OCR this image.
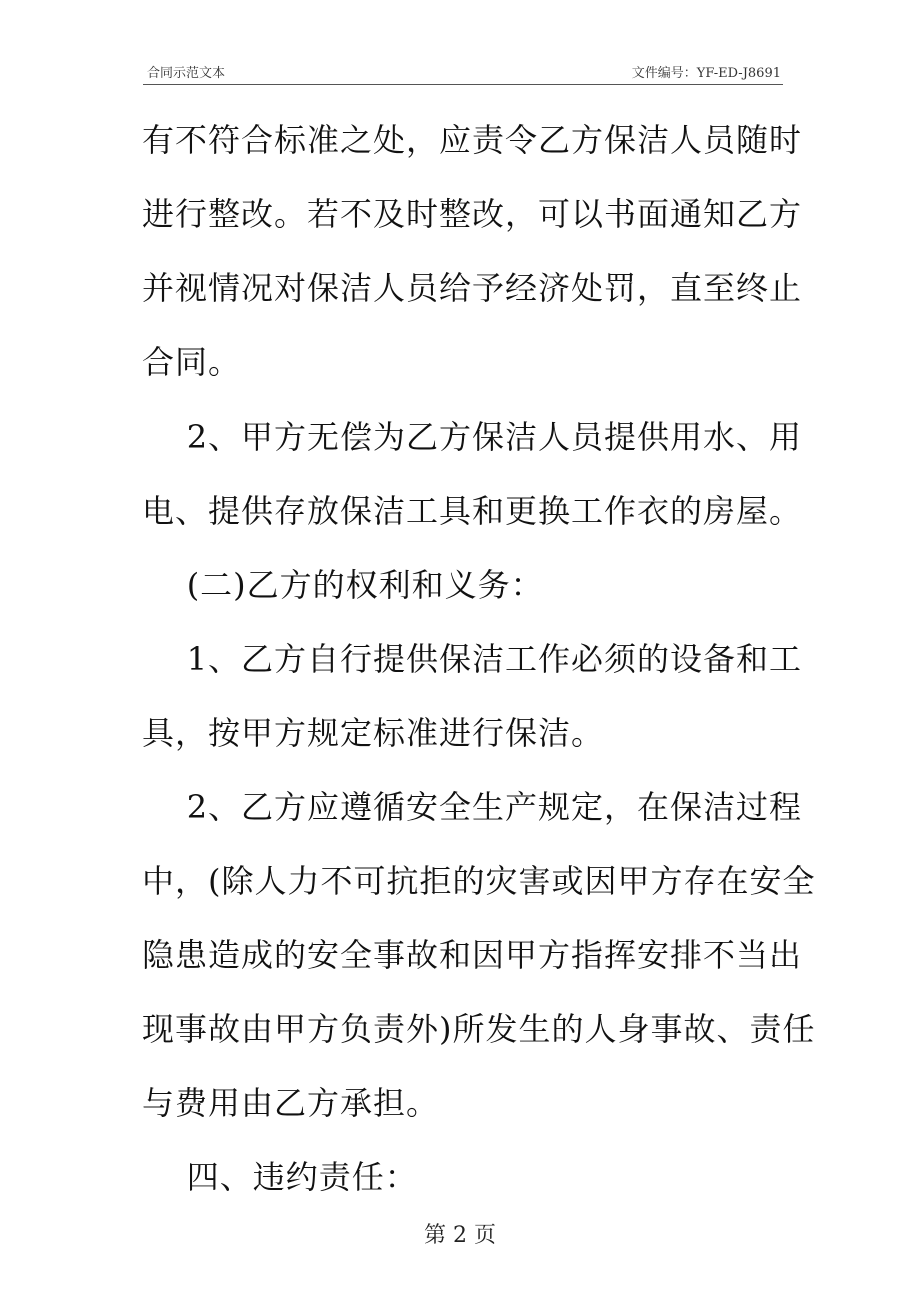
合同示范文本	文件编号：YF-ED-J8691
有不符合标准之处，应责令乙方保洁人员随时
进行整改。若不及时整改，可以书面通知乙方
并视情况对保洁人员给予经济处罚，直至终止
合同。
2、甲方无偿为乙方保洁人员提供用水、用
电、提供存放保洁工具和更换工作衣的房屋。
(二)乙方的权利和义务：
1、乙方自行提供保洁工作必须的设备和工
具，按甲方规定标准进行保洁。
2、乙方应遵循安全生产规定，在保洁过程
中，(除人力不可抗拒的灾害或因甲方存在安全
隐患造成的安全事故和因甲方指挥安排不当出
现事故由甲方负责外)所发生的人身事故、责任
与费用由乙方承担。
四、违约责任：
第 2 页
